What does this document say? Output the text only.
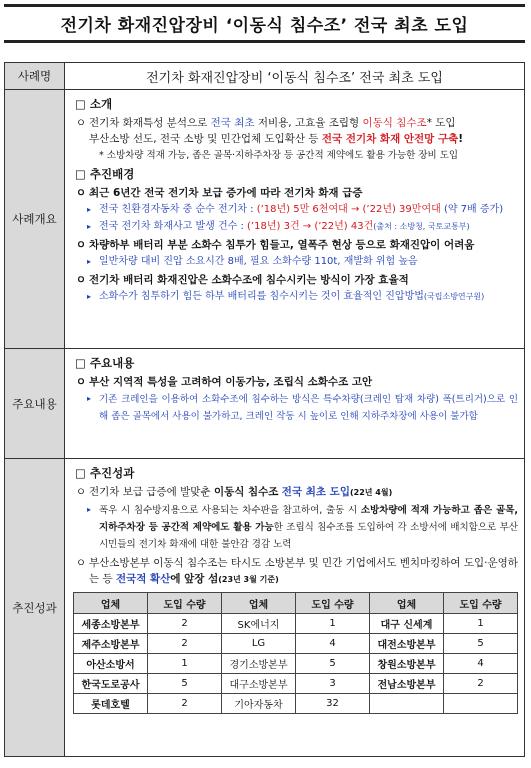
전기차 화재진압장비 ‘이동식 침수조’ 전국 최초 도입
사례명	전기차 화재진압장비 ‘이동식 침수조’ 전국 최초 도입
사례개요	
□ 소개
ㅇ 전기차 화재특성 분석으로 전국 최초 저비용, 고효율 조립형 이동식 침수조* 도입
부산소방 선도, 전국 소방 및 민간업체 도입확산 등 전국 전기차 화재 안전망 구축!
* 소방차량 적재 가능, 좁은 골목·지하주차장 등 공간적 제약에도 활용 가능한 장비 도입
□ 추진배경
ㅇ 최근 6년간 전국 전기차 보급 증가에 따라 전기차 화재 급증
▸ 전국 친환경자동차 중 순수 전기차 : (’18년) 5만 6천여대 → (’22년) 39만여대 (약 7배 증가)
▸ 전국 전기차 화재사고 발생 건수 : (’18년) 3건 → (’22년) 43건(출처 : 소방청, 국토교통부)
ㅇ 차량하부 배터리 부분 소화수 침투가 힘들고, 열폭주 현상 등으로 화재진압이 어려움
▸ 일반차량 대비 진압 소요시간 8배, 필요 소화수량 110t, 재발화 위험 높음
ㅇ 전기차 배터리 화재진압은 소화수조에 침수시키는 방식이 가장 효율적
▸ 소화수가 침투하기 힘든 하부 배터리를 침수시키는 것이 효율적인 진압방법(국립소방연구원)

주요내용	
□ 주요내용
ㅇ 부산 지역적 특성을 고려하여 이동가능, 조립식 소화수조 고안
▸ 기존 크레인을 이용하여 소화수조에 침수하는 방식은 특수차량(크레인 탑재 차량) 폭(트리거)으로 인해 좁은 골목에서 사용이 불가하고, 크레인 작동 시 높이로 인해 지하주차장에 사용이 불가함

추진성과	
□ 추진성과
ㅇ 전기차 보급 급증에 발맞춘 이동식 침수조 전국 최초 도입(22년 4월)
▸ 폭우 시 침수방지용으로 사용되는 차수판을 참고하여, 출동 시 소방차량에 적재 가능하고 좁은 골목, 지하주차장 등 공간적 제약에도 활용 가능한 조립식 침수조를 도입하여 각 소방서에 배치함으로 부산 시민들의 전기차 화재에 대한 불안감 경감 노력
ㅇ 부산소방본부 이동식 침수조는 타시도 소방본부 및 민간 기업에서도 벤치마킹하여 도입·운영하는 등 전국적 확산에 앞장 섬(23년 3월 기준)
업체	도입 수량	업체	도입 수량	업체	도입 수량
세종소방본부	2	SK에너지	1	대구 신세계	1
제주소방본부	2	LG	4	대전소방본부	5
아산소방서	1	경기소방본부	5	창원소방본부	4
한국도로공사	5	대구소방본부	3	전남소방본부	2
롯데호텔	2	기아자동차	32		
